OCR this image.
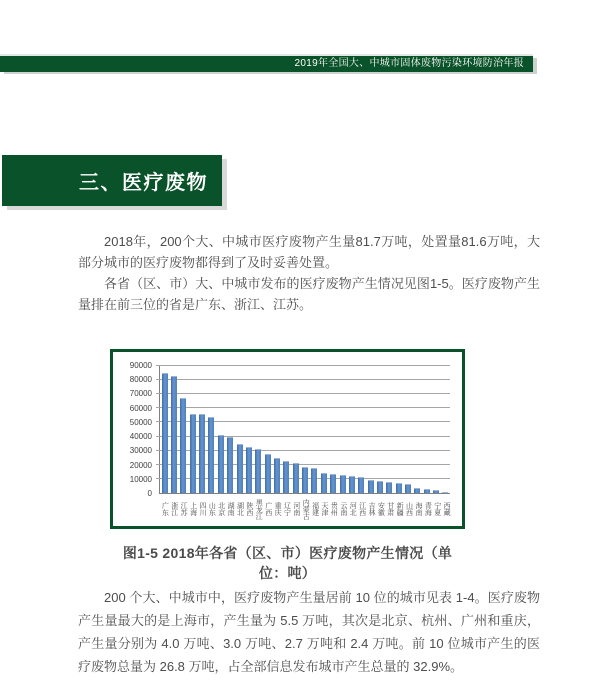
2019年全国大、中城市固体废物污染环境防治年报
三、医疗废物

2018年，200个大、中城市医疗废物产生量81.7万吨，处置量81.6万吨，大部分城市的医疗废物都得到了及时妥善处置。

各省（区、市）大、中城市发布的医疗废物产生情况见图1-5。医疗废物产生量排在前三位的省是广东、浙江、江苏。

0
10000
20000
30000
40000
50000
60000
70000
80000
90000
广东 浙江 江苏 上海 四川 山东 北京 湖南 湖北 陕西 黑龙江 广西 重庆 辽宁 河南 内蒙古 福建 天津 贵州 云南 河北 江西 吉林 安徽 甘肃 新疆 山西 海南 青海 宁夏 西藏
图1-5 2018年各省（区、市）医疗废物产生情况（单位：吨）

200 个大、中城市中，医疗废物产生量居前 10 位的城市见表 1-4。医疗废物产生量最大的是上海市，产生量为 5.5 万吨，其次是北京、杭州、广州和重庆，产生量分别为 4.0 万吨、3.0 万吨、2.7 万吨和 2.4 万吨。前 10 位城市产生的医疗废物总量为 26.8 万吨，占全部信息发布城市产生总量的 32.9%。
